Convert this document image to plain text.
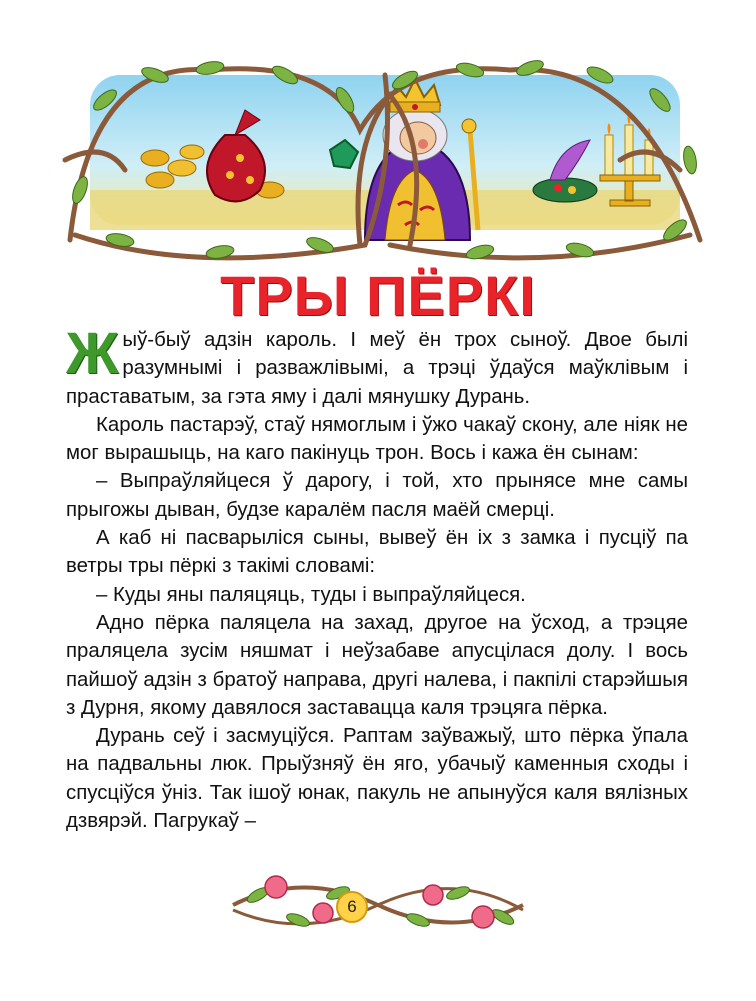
ТРЫ ПЁРКІ

Жыў-быў адзін кароль. І меў ён трох сыноў. Двое былі разумнымі і разважлівымі, а трэці ўдаўся маўклівым і праставатым, за гэта яму і далі мянушку Дурань.

Кароль пастарэў, стаў нямоглым і ўжо чакаў скону, але ніяк не мог вырашыць, на каго пакінуць трон. Вось і кажа ён сынам:

– Выпраўляйцеся ў дарогу, і той, хто прынясе мне самы прыгожы дыван, будзе каралём пасля маёй смерці.

А каб ні пасварыліся сыны, вывеў ён іх з замка і пусціў па ветры тры пёркі з такімі словамі:

– Куды яны паляцяць, туды і выпраўляйцеся.

Адно пёрка паляцела на захад, другое на ўсход, а трэцяе праляцела зусім няшмат і неўзабаве апусцілася долу. І вось пайшоў адзін з братоў направа, другі налева, і пакпілі старэйшыя з Дурня, якому давялося заставацца каля трэцяга пёрка.

Дурань сеў і засмуціўся. Раптам заўважыў, што пёрка ўпала на падвальны люк. Прыўзняў ён яго, убачыў каменныя сходы і спусціўся ўніз. Так ішоў юнак, пакуль не апынуўся каля вялізных дзвярэй. Пагрукаў –

6
